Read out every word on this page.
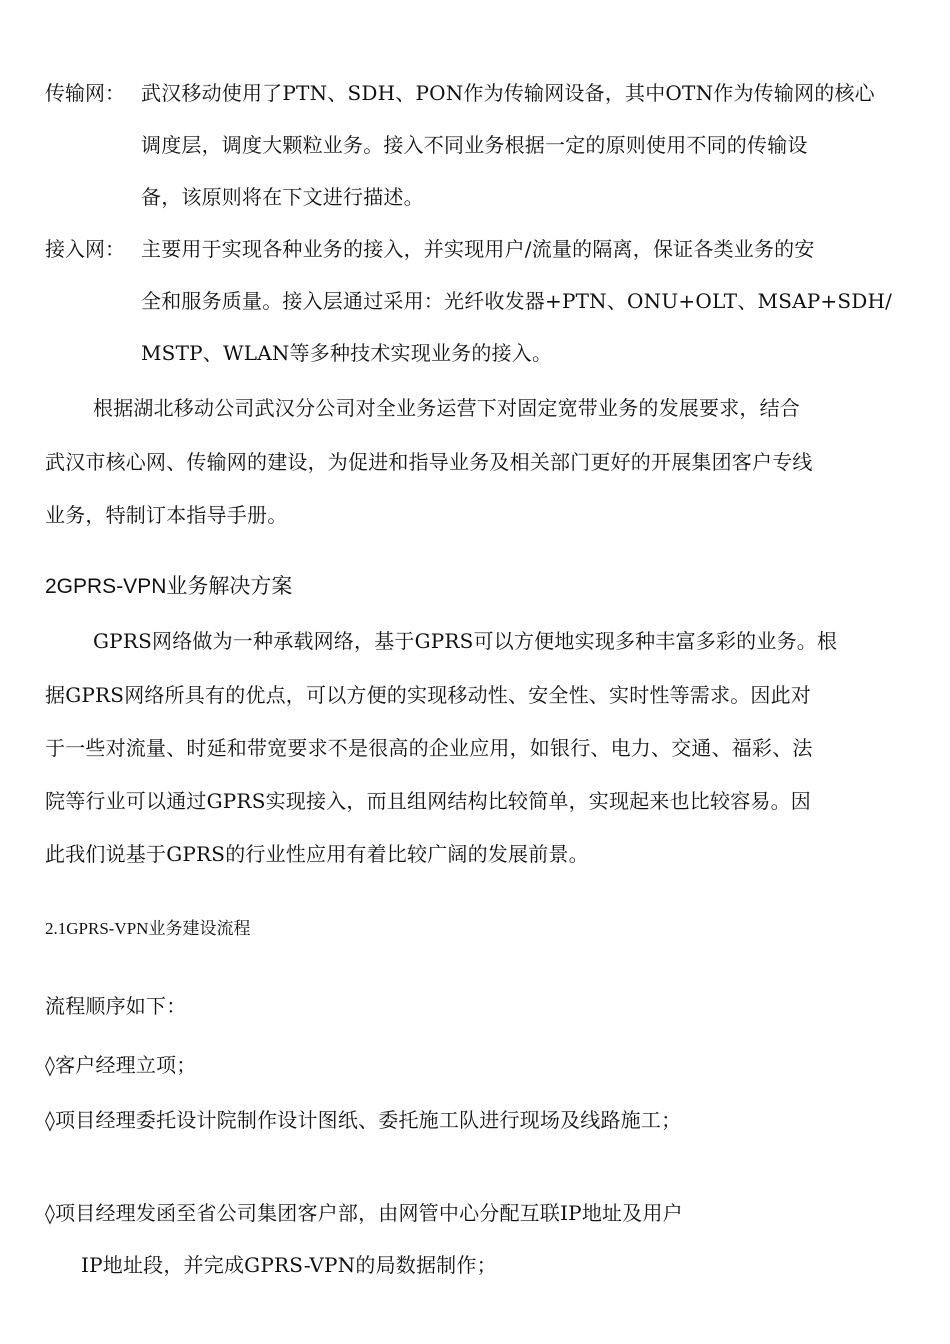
传输网： 武汉移动使用了PTN、SDH、PON作为传输网设备，其中OTN作为传输网的核心
调度层，调度大颗粒业务。接入不同业务根据一定的原则使用不同的传输设
备，该原则将在下文进行描述。
接入网： 主要用于实现各种业务的接入，并实现用户/流量的隔离，保证各类业务的安
全和服务质量。接入层通过采用：光纤收发器+PTN、ONU+OLT、MSAP+SDH/
MSTP、WLAN等多种技术实现业务的接入。
根据湖北移动公司武汉分公司对全业务运营下对固定宽带业务的发展要求，结合
武汉市核心网、传输网的建设，为促进和指导业务及相关部门更好的开展集团客户专线
业务，特制订本指导手册。
2GPRS-VPN业务解决方案
GPRS网络做为一种承载网络，基于GPRS可以方便地实现多种丰富多彩的业务。根
据GPRS网络所具有的优点，可以方便的实现移动性、安全性、实时性等需求。因此对
于一些对流量、时延和带宽要求不是很高的企业应用，如银行、电力、交通、福彩、法
院等行业可以通过GPRS实现接入，而且组网结构比较简单，实现起来也比较容易。因
此我们说基于GPRS的行业性应用有着比较广阔的发展前景。
2.1GPRS-VPN业务建设流程
流程顺序如下：
◊客户经理立项；
◊项目经理委托设计院制作设计图纸、委托施工队进行现场及线路施工；
◊项目经理发函至省公司集团客户部，由网管中心分配互联IP地址及用户
IP地址段，并完成GPRS-VPN的局数据制作；
